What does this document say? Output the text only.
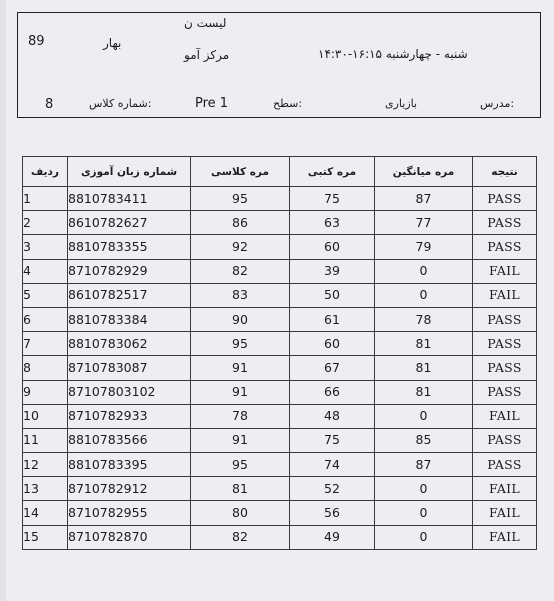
89	بهار
لیست ن
مرکز آمو	شنبه - چهارشنبه ۱۶:۱۵-۱۴:۳۰
8	شماره کلاس:	Pre 1	سطح:	بازیاری	مدرس:
ردیف	شماره زبان آموزی	مره کلاسی	مره کتبی	مره میانگین	نتیجه
1	8810783411	95	75	87	PASS
2	8610782627	86	63	77	PASS
3	8810783355	92	60	79	PASS
4	8710782929	82	39	0	FAIL
5	8610782517	83	50	0	FAIL
6	8810783384	90	61	78	PASS
7	8810783062	95	60	81	PASS
8	8710783087	91	67	81	PASS
9	87107803102	91	66	81	PASS
10	8710782933	78	48	0	FAIL
11	8810783566	91	75	85	PASS
12	8810783395	95	74	87	PASS
13	8710782912	81	52	0	FAIL
14	8710782955	80	56	0	FAIL
15	8710782870	82	49	0	FAIL
